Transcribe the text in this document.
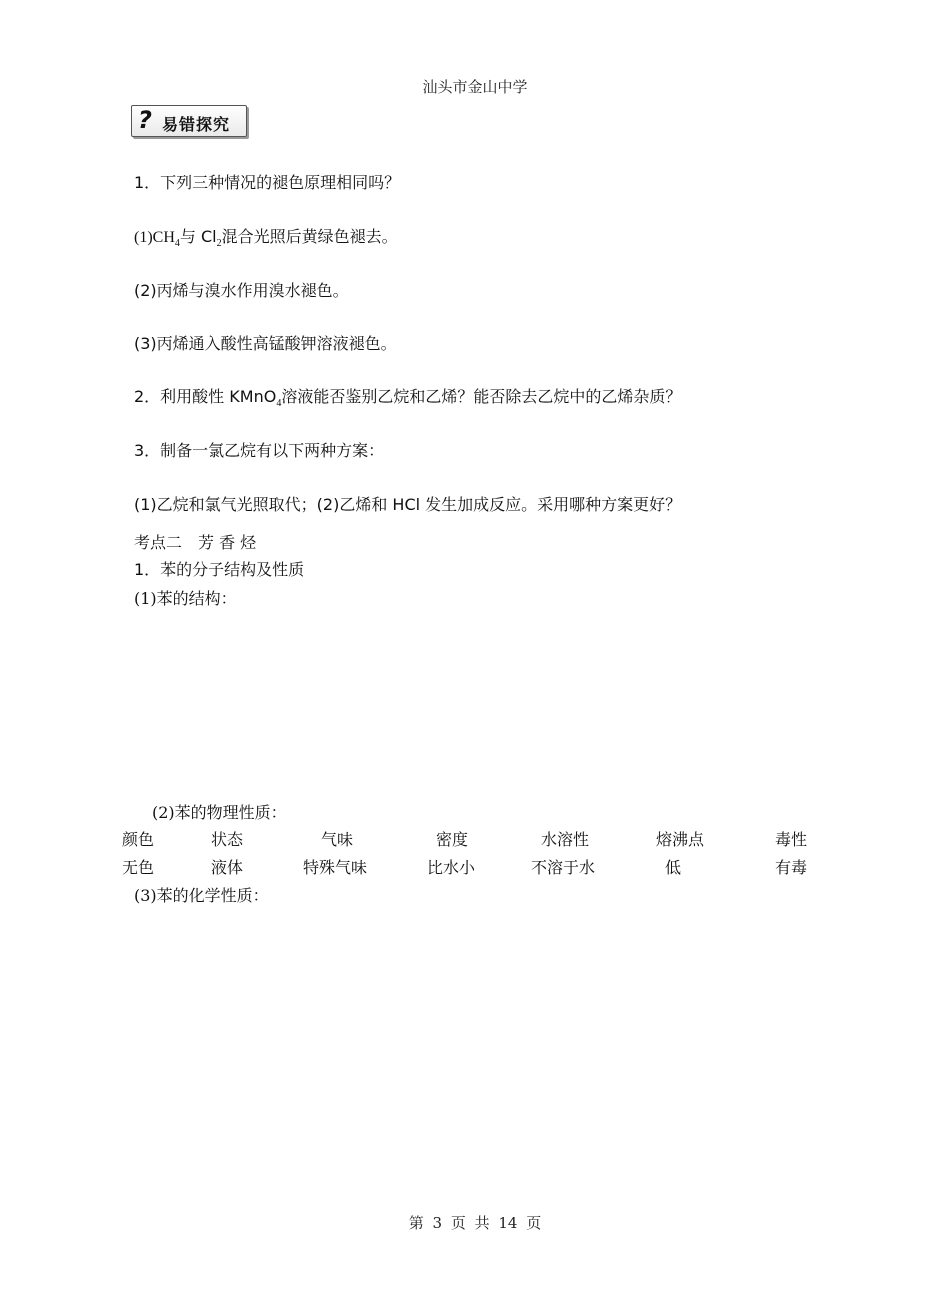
汕头市金山中学
? 易错探究
1．下列三种情况的褪色原理相同吗？
$(1)CH_4$与 $Cl_2$混合光照后黄绿色褪去。
(2)丙烯与溴水作用溴水褪色。
(3)丙烯通入酸性高锰酸钾溶液褪色。
2．利用酸性 KMnO$_4$溶液能否鉴别乙烷和乙烯？能否除去乙烷中的乙烯杂质？
3．制备一氯乙烷有以下两种方案：
(1)乙烷和氯气光照取代；(2)乙烯和 HCl 发生加成反应。采用哪种方案更好？
考点二　芳 香 烃
1．苯的分子结构及性质
(1)苯的结构：
(2)苯的物理性质：
颜色	状态	气味	密度	水溶性	熔沸点	毒性
无色	液体	特殊气味	比水小	不溶于水	低	有毒
(3)苯的化学性质：
第 3 页 共 14 页
